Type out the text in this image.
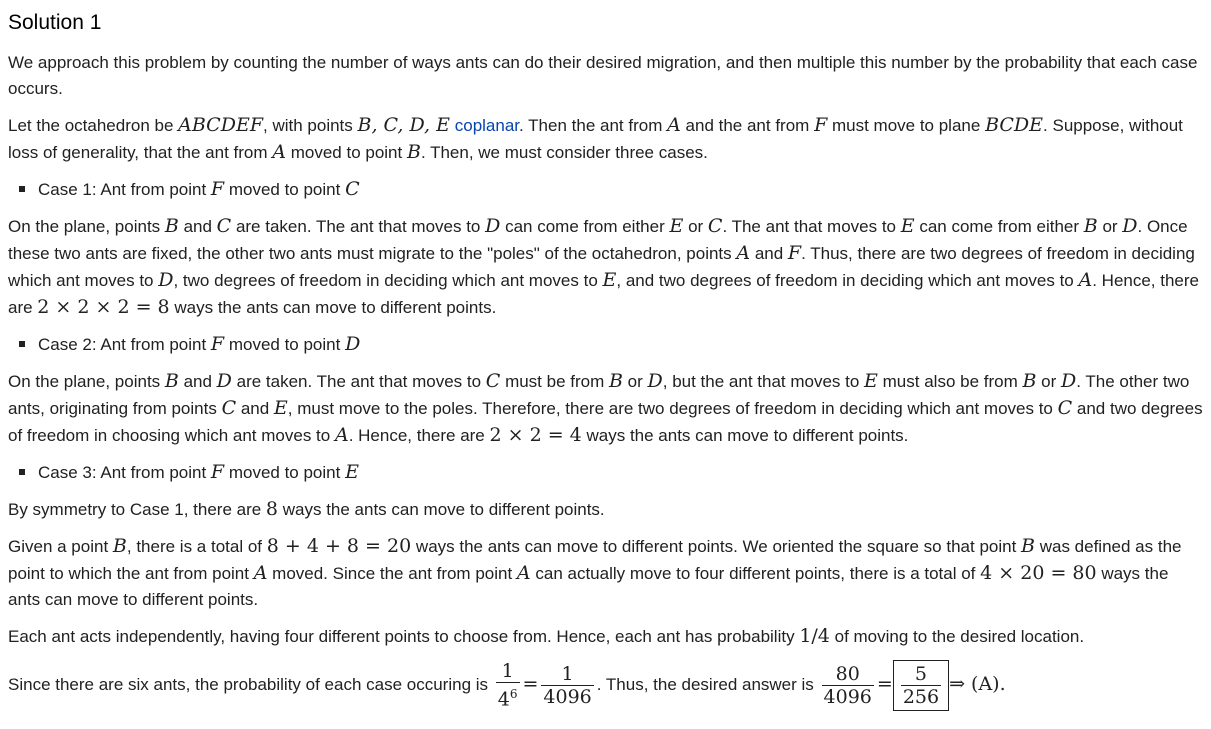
Solution 1

We approach this problem by counting the number of ways ants can do their desired migration, and then multiple this number by the probability that each case occurs.

Let the octahedron be ABCDEF, with points B, C, D, E coplanar. Then the ant from A and the ant from F must move to plane BCDE. Suppose, without loss of generality, that the ant from A moved to point B. Then, we must consider three cases.

Case 1: Ant from point F moved to point C

On the plane, points B and C are taken. The ant that moves to D can come from either E or C. The ant that moves to E can come from either B or D. Once these two ants are fixed, the other two ants must migrate to the "poles" of the octahedron, points A and F. Thus, there are two degrees of freedom in deciding which ant moves to D, two degrees of freedom in deciding which ant moves to E, and two degrees of freedom in deciding which ant moves to A. Hence, there are 2 × 2 × 2 = 8 ways the ants can move to different points.

Case 2: Ant from point F moved to point D

On the plane, points B and D are taken. The ant that moves to C must be from B or D, but the ant that moves to E must also be from B or D. The other two ants, originating from points C and E, must move to the poles. Therefore, there are two degrees of freedom in deciding which ant moves to C and two degrees of freedom in choosing which ant moves to A. Hence, there are 2 × 2 = 4 ways the ants can move to different points.

Case 3: Ant from point F moved to point E

By symmetry to Case 1, there are 8 ways the ants can move to different points.

Given a point B, there is a total of 8 + 4 + 8 = 20 ways the ants can move to different points. We oriented the square so that point B was defined as the point to which the ant from point A moved. Since the ant from point A can actually move to four different points, there is a total of 4 × 20 = 80 ways the ants can move to different points.

Each ant acts independently, having four different points to choose from. Hence, each ant has probability 1/4 of moving to the desired location.

Since there are six ants, the probability of each case occuring is $\frac{1}{4^6} = \frac{1}{4096}$ . Thus, the desired answer is $\frac{80}{4096} = \frac{5}{256}$ ⇒ (A).
